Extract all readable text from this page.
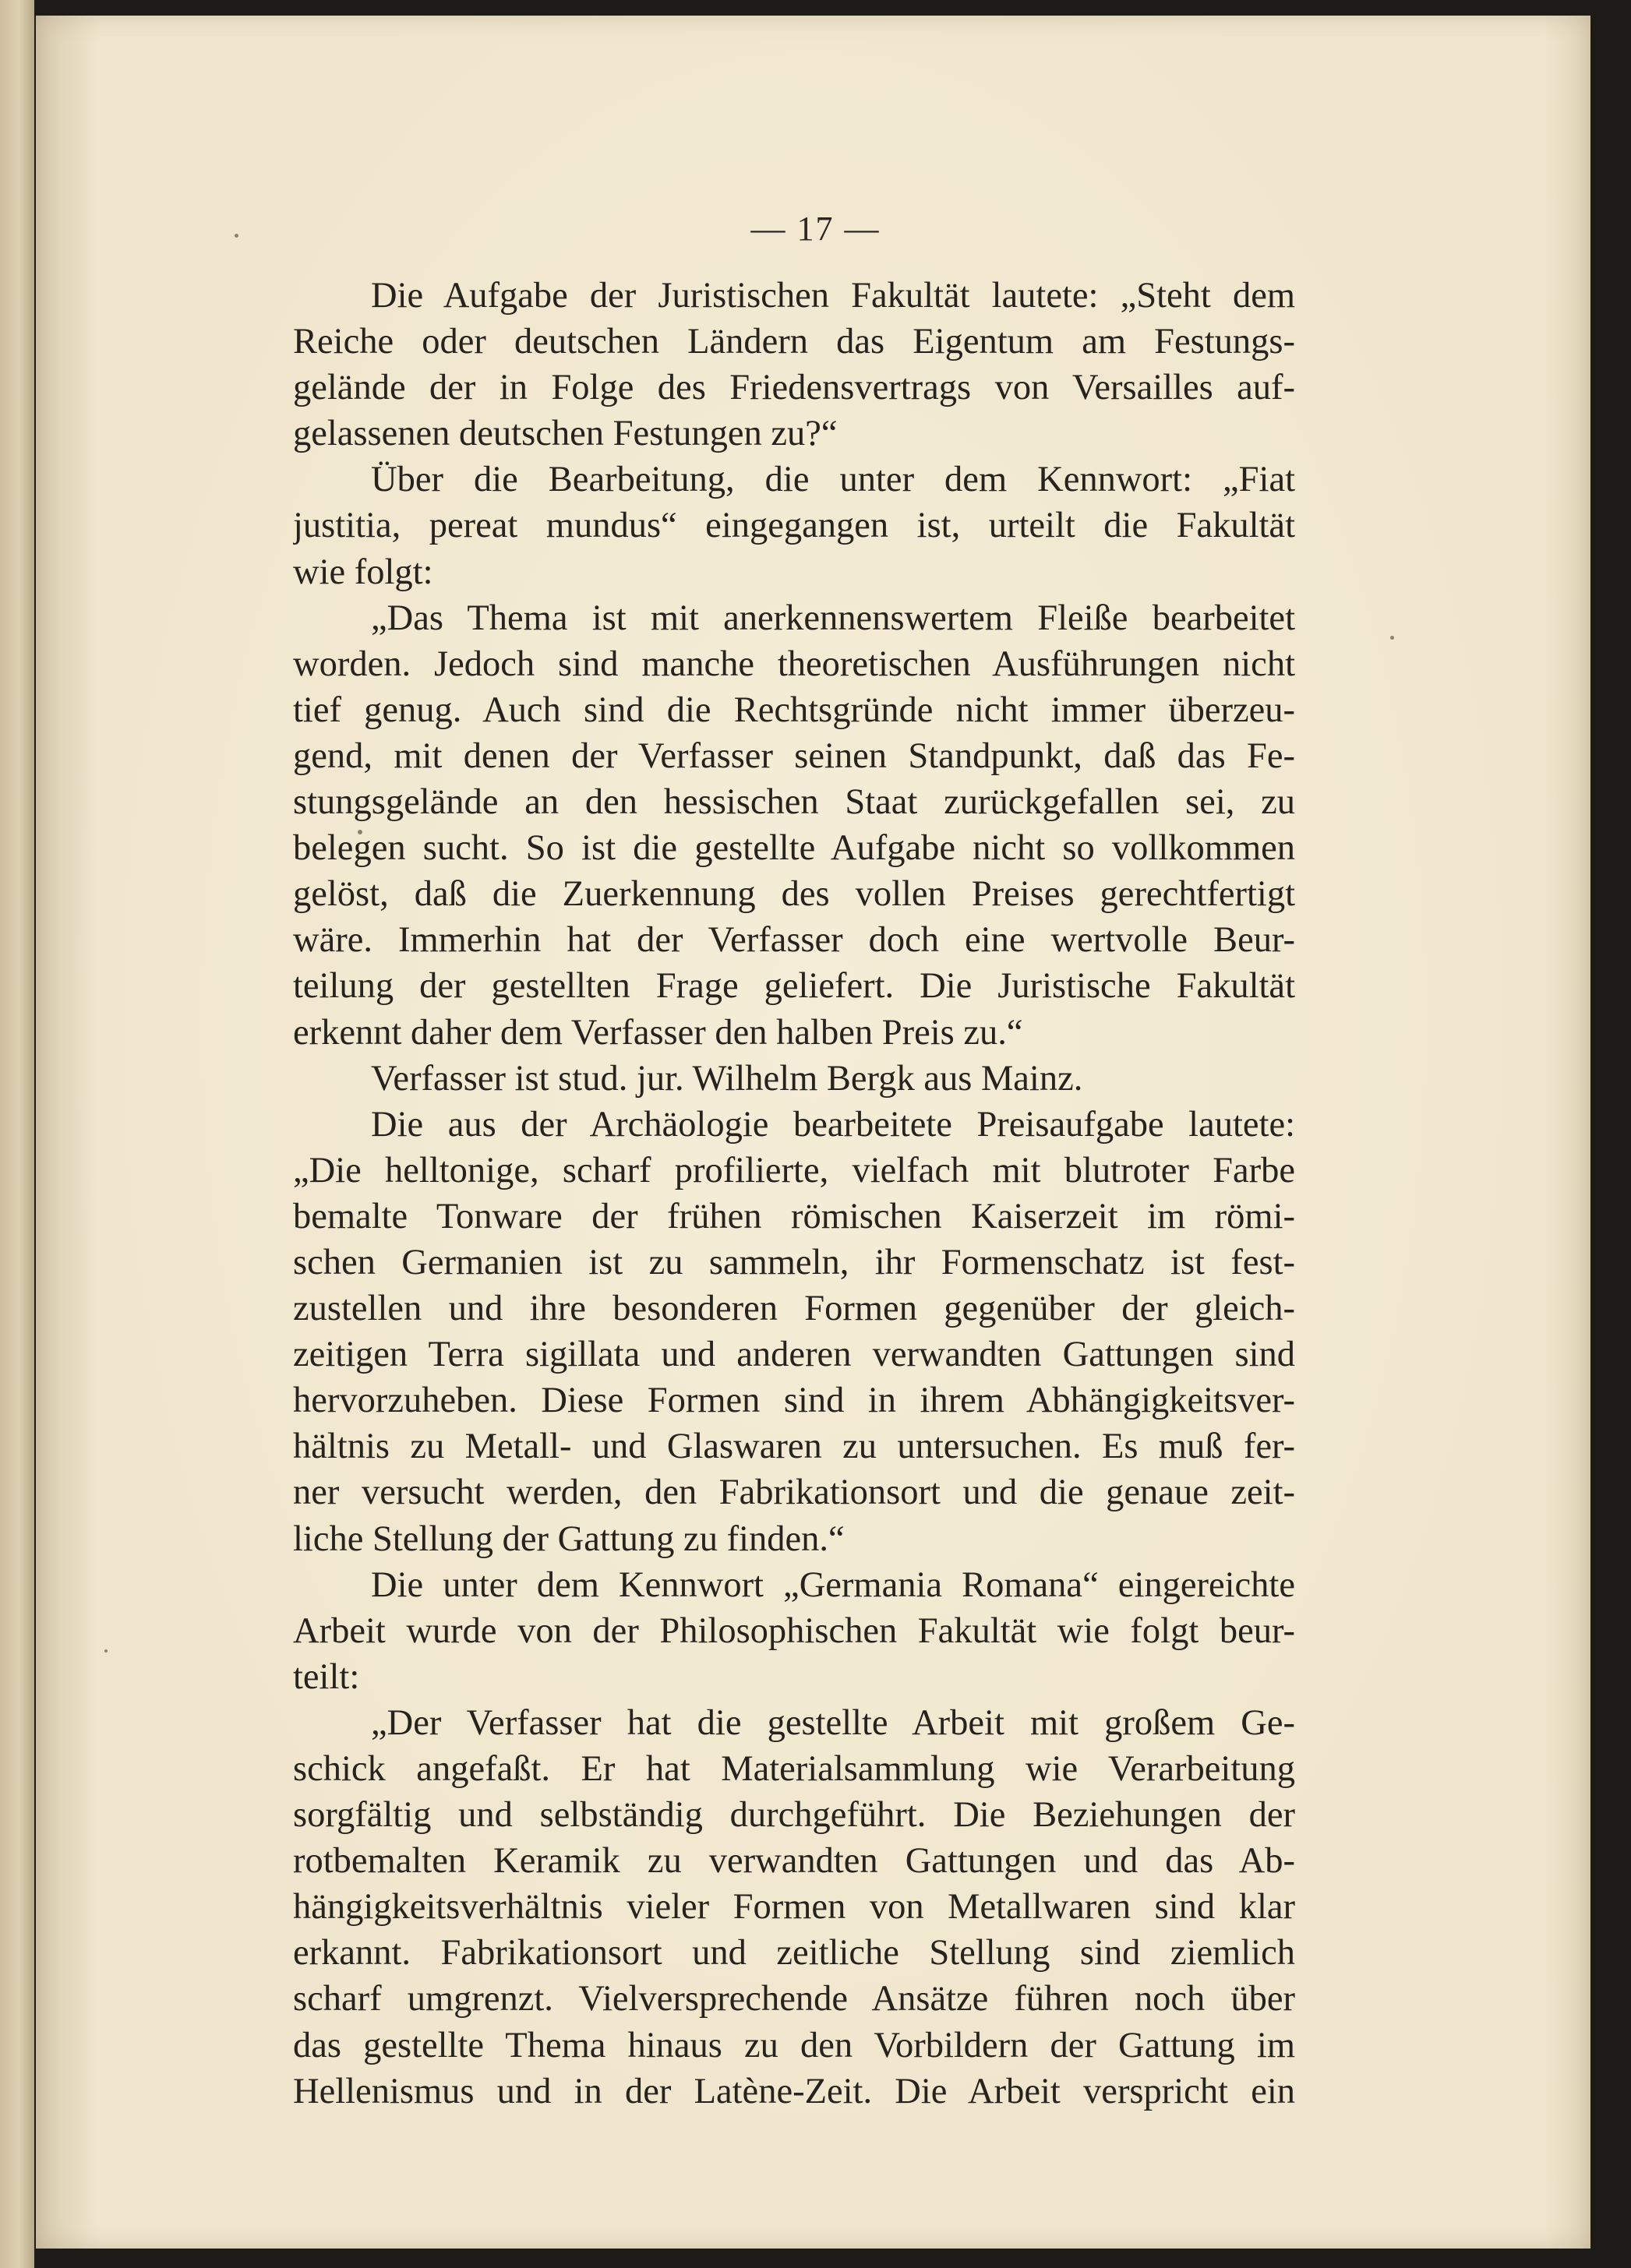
— 17 —
Die Aufgabe der Juristischen Fakultät lautete: „Steht dem
Reiche oder deutschen Ländern das Eigentum am Festungs-
gelände der in Folge des Friedensvertrags von Versailles auf-
gelassenen deutschen Festungen zu?“
Über die Bearbeitung, die unter dem Kennwort: „Fiat
justitia, pereat mundus“ eingegangen ist, urteilt die Fakultät
wie folgt:
„Das Thema ist mit anerkennenswertem Fleiße bearbeitet
worden. Jedoch sind manche theoretischen Ausführungen nicht
tief genug. Auch sind die Rechtsgründe nicht immer überzeu-
gend, mit denen der Verfasser seinen Standpunkt, daß das Fe-
stungsgelände an den hessischen Staat zurückgefallen sei, zu
belegen sucht. So ist die gestellte Aufgabe nicht so vollkommen
gelöst, daß die Zuerkennung des vollen Preises gerechtfertigt
wäre. Immerhin hat der Verfasser doch eine wertvolle Beur-
teilung der gestellten Frage geliefert. Die Juristische Fakultät
erkennt daher dem Verfasser den halben Preis zu.“
Verfasser ist stud. jur. Wilhelm Bergk aus Mainz.
Die aus der Archäologie bearbeitete Preisaufgabe lautete:
„Die helltonige, scharf profilierte, vielfach mit blutroter Farbe
bemalte Tonware der frühen römischen Kaiserzeit im römi-
schen Germanien ist zu sammeln, ihr Formenschatz ist fest-
zustellen und ihre besonderen Formen gegenüber der gleich-
zeitigen Terra sigillata und anderen verwandten Gattungen sind
hervorzuheben. Diese Formen sind in ihrem Abhängigkeitsver-
hältnis zu Metall- und Glaswaren zu untersuchen. Es muß fer-
ner versucht werden, den Fabrikationsort und die genaue zeit-
liche Stellung der Gattung zu finden.“
Die unter dem Kennwort „Germania Romana“ eingereichte
Arbeit wurde von der Philosophischen Fakultät wie folgt beur-
teilt:
„Der Verfasser hat die gestellte Arbeit mit großem Ge-
schick angefaßt. Er hat Materialsammlung wie Verarbeitung
sorgfältig und selbständig durchgeführt. Die Beziehungen der
rotbemalten Keramik zu verwandten Gattungen und das Ab-
hängigkeitsverhältnis vieler Formen von Metallwaren sind klar
erkannt. Fabrikationsort und zeitliche Stellung sind ziemlich
scharf umgrenzt. Vielversprechende Ansätze führen noch über
das gestellte Thema hinaus zu den Vorbildern der Gattung im
Hellenismus und in der Latène-Zeit. Die Arbeit verspricht ein
